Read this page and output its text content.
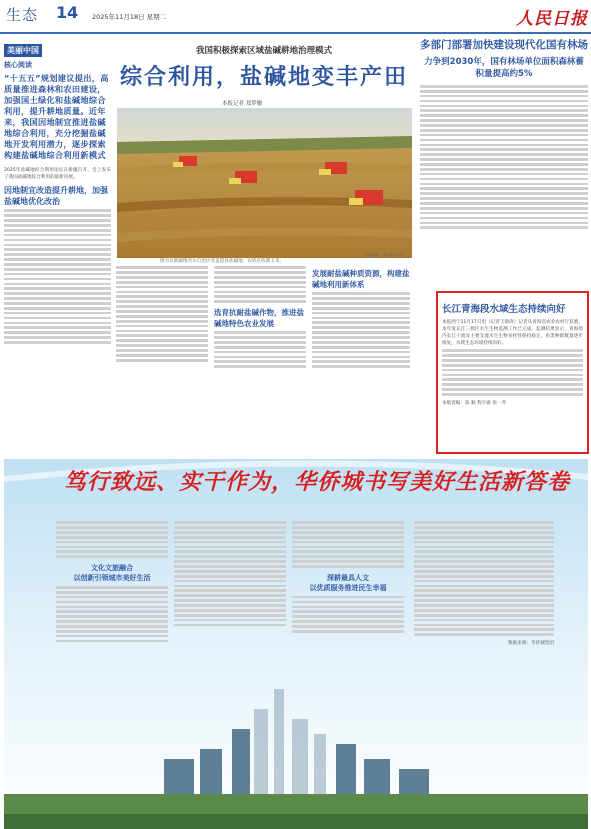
生态 14 2025年11月18日 星期二	人民日报
美丽中国
核心阅读
“十五五”规划建议提出，高质量推进森林和农田建设，加强国土绿化和盐碱地综合利用，提升耕地质量。近年来，我国因地制宜推进盐碱地综合利用，充分挖掘盐碱地开发利用潜力，逐步探索构建盐碱地综合利用新模式
2025年盐碱地综合利用论坛在新疆召开，会上发布了我国盐碱地综合利用的最新进展。
因地制宜改造提升耕地，加强盐碱地优化改治
我国积极探索区域盐碱耕地治理模式
综合利用，盐碱地变丰产田
本报记者 郑梦姗
图为在新疆维吾尔自治区麦盖提县盐碱地，农机在收割玉米。
王颖摄（新华中国）
选育抗耐盐碱作物，推进盐碱地特色农业发展
发展耐盐碱种质资源，构建盐碱地利用新体系
多部门部署加快建设现代化国有林场
力争到2030年，国有林场单位面积森林蓄积量提高约5%
长江青海段水域生态持续向好
本报西宁11月17日电（记者王锦涛）记者从青海省农业农村厅获悉，本年度长江三源区水生生物监测工作已完成。监测结果显示，青海境内长江干流及主要支流水生生物多样性保持稳定，鱼类种群数量逐步恢复，水域生态环境持续向好。
本版责编：陈 顺 程宇澈 张一乔
笃行致远、实干作为，华侨城书写美好生活新答卷
文化文旅融合
以创新引领城市美好生活	深耕最具人文
以优质服务推进民生幸福
数据来源：华侨城集团
